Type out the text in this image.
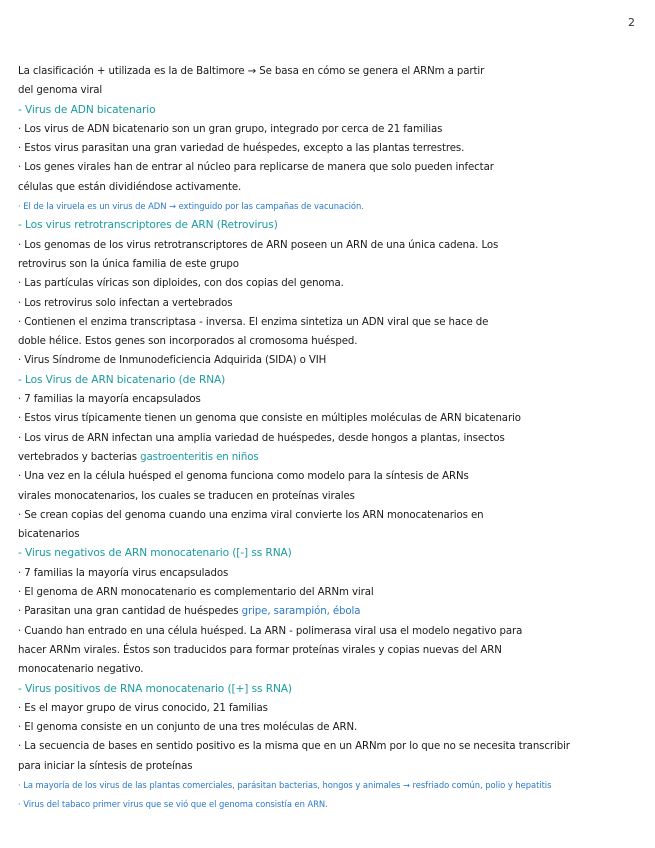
2
La clasificación + utilizada es la de Baltimore → Se basa en cómo se genera el ARNm a partir
del genoma viral
- Virus de ADN bicatenario
· Los virus de ADN bicatenario son un gran grupo, integrado por cerca de 21 familias
· Estos virus parasitan una gran variedad de huéspedes, excepto a las plantas terrestres.
· Los genes virales han de entrar al núcleo para replicarse de manera que solo pueden infectar
células que están dividiéndose activamente.
· El de la viruela es un virus de ADN → extinguido por las campañas de vacunación.
- Los virus retrotranscriptores de ARN (Retrovirus)
· Los genomas de los virus retrotranscriptores de ARN poseen un ARN de una única cadena. Los
retrovirus son la única familia de este grupo
· Las partículas víricas son diploides, con dos copias del genoma.
· Los retrovirus solo infectan a vertebrados
· Contienen el enzima transcriptasa - inversa. El enzima sintetiza un ADN viral que se hace de
doble hélice. Estos genes son incorporados al cromosoma huésped.
· Virus Síndrome de Inmunodeficiencia Adquirida (SIDA) o VIH
- Los Virus de ARN bicatenario (de RNA)
· 7 familias la mayoría encapsulados
· Estos virus típicamente tienen un genoma que consiste en múltiples moléculas de ARN bicatenario
· Los virus de ARN infectan una amplia variedad de huéspedes, desde hongos a plantas, insectos
vertebrados y bacterias gastroenteritis en niños
· Una vez en la célula huésped el genoma funciona como modelo para la síntesis de ARNs
virales monocatenarios, los cuales se traducen en proteínas virales
· Se crean copias del genoma cuando una enzima viral convierte los ARN monocatenarios en
bicatenarios
- Virus negativos de ARN monocatenario ([-] ss RNA)
· 7 familias la mayoría virus encapsulados
· El genoma de ARN monocatenario es complementario del ARNm viral
· Parasitan una gran cantidad de huéspedes gripe, sarampión, ébola
· Cuando han entrado en una célula huésped. La ARN - polimerasa viral usa el modelo negativo para
hacer ARNm virales. Éstos son traducidos para formar proteínas virales y copias nuevas del ARN
monocatenario negativo.
- Virus positivos de RNA monocatenario ([+] ss RNA)
· Es el mayor grupo de virus conocido, 21 familias
· El genoma consiste en un conjunto de una tres moléculas de ARN.
· La secuencia de bases en sentido positivo es la misma que en un ARNm por lo que no se necesita transcribir
para iniciar la síntesis de proteínas
· La mayoría de los virus de las plantas comerciales, parásitan bacterias, hongos y animales → resfriado común, polio y hepatitis
· Virus del tabaco primer virus que se vió que el genoma consistía en ARN.
